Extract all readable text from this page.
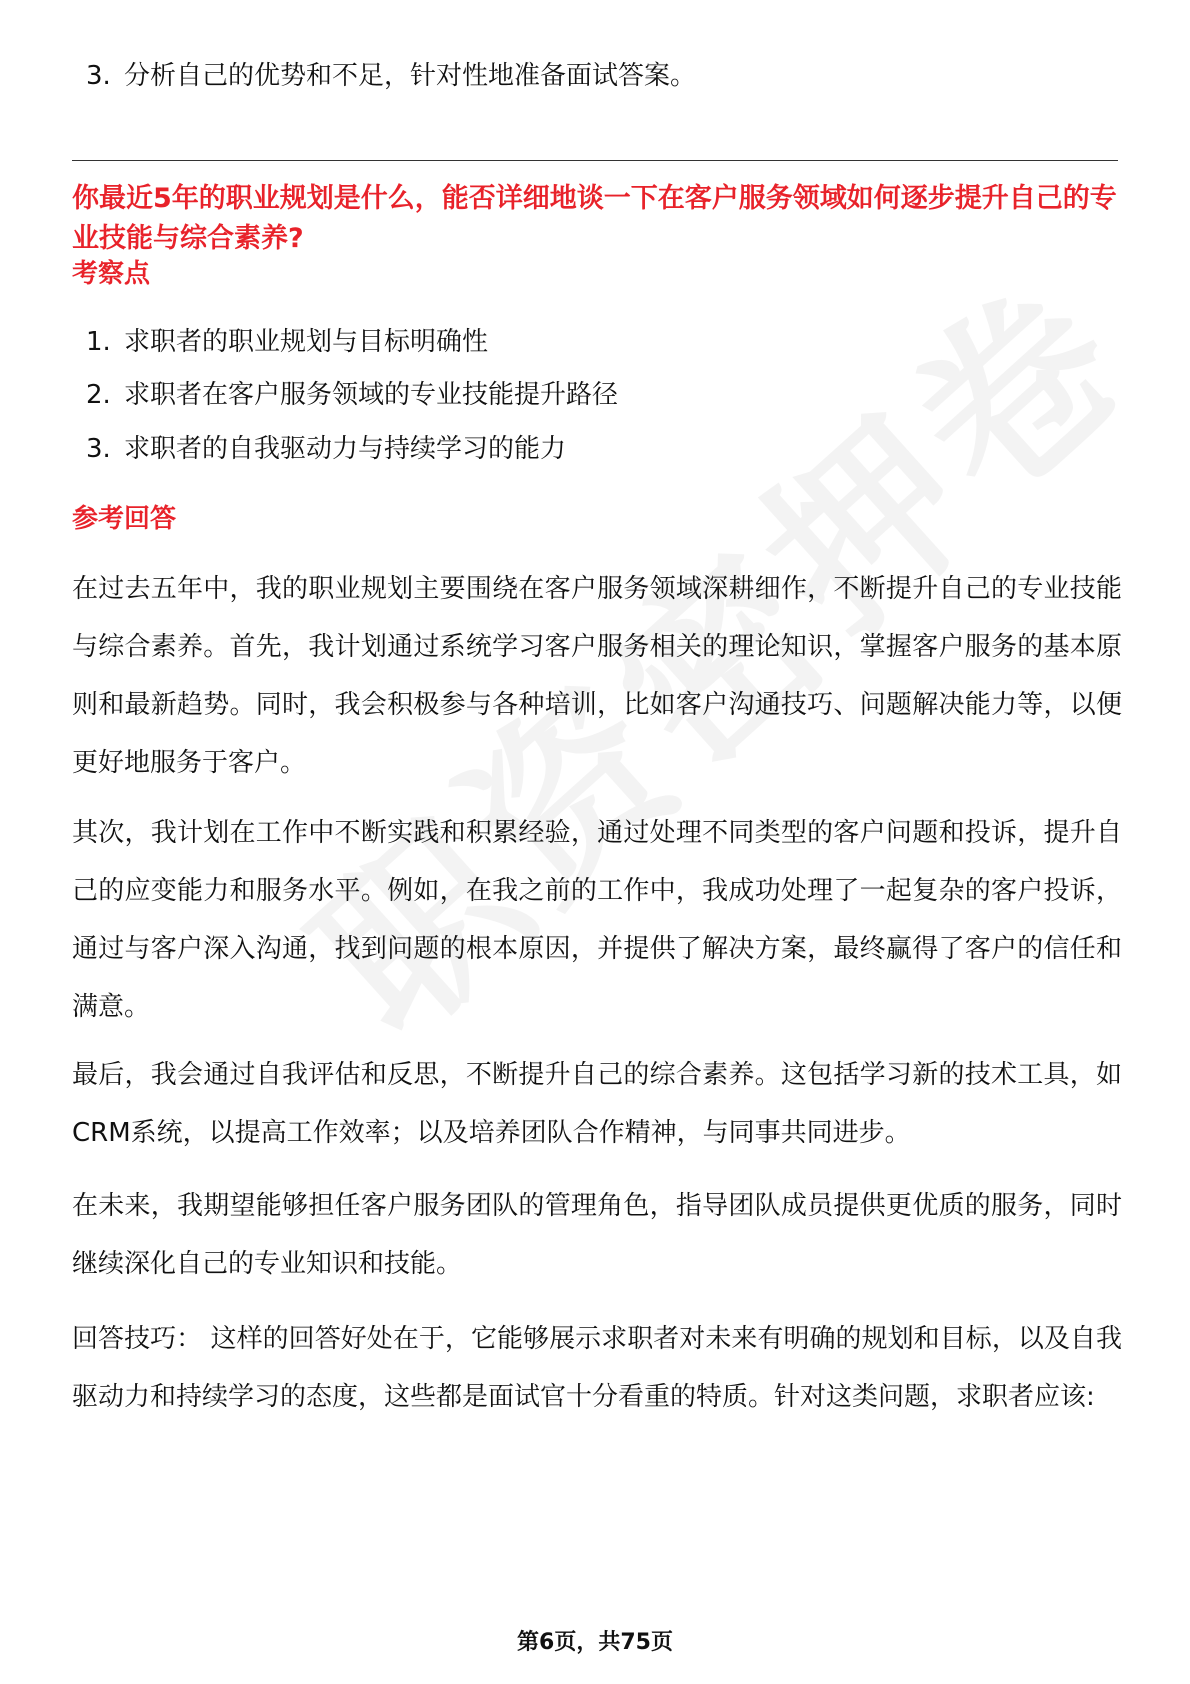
3. 分析自己的优势和不足，针对性地准备面试答案。
你最近5年的职业规划是什么，能否详细地谈一下在客户服务领域如何逐步提升自己的专业技能与综合素养?
考察点
1. 求职者的职业规划与目标明确性
2. 求职者在客户服务领域的专业技能提升路径
3. 求职者的自我驱动力与持续学习的能力
参考回答
在过去五年中，我的职业规划主要围绕在客户服务领域深耕细作，不断提升自己的专业技能与综合素养。首先，我计划通过系统学习客户服务相关的理论知识，掌握客户服务的基本原则和最新趋势。同时，我会积极参与各种培训，比如客户沟通技巧、问题解决能力等，以便更好地服务于客户。
其次，我计划在工作中不断实践和积累经验，通过处理不同类型的客户问题和投诉，提升自己的应变能力和服务水平。例如，在我之前的工作中，我成功处理了一起复杂的客户投诉，通过与客户深入沟通，找到问题的根本原因，并提供了解决方案，最终赢得了客户的信任和满意。
最后，我会通过自我评估和反思，不断提升自己的综合素养。这包括学习新的技术工具，如CRM系统，以提高工作效率；以及培养团队合作精神，与同事共同进步。
在未来，我期望能够担任客户服务团队的管理角色，指导团队成员提供更优质的服务，同时继续深化自己的专业知识和技能。
回答技巧： 这样的回答好处在于，它能够展示求职者对未来有明确的规划和目标，以及自我驱动力和持续学习的态度，这些都是面试官十分看重的特质。针对这类问题，求职者应该:
第6页，共75页
